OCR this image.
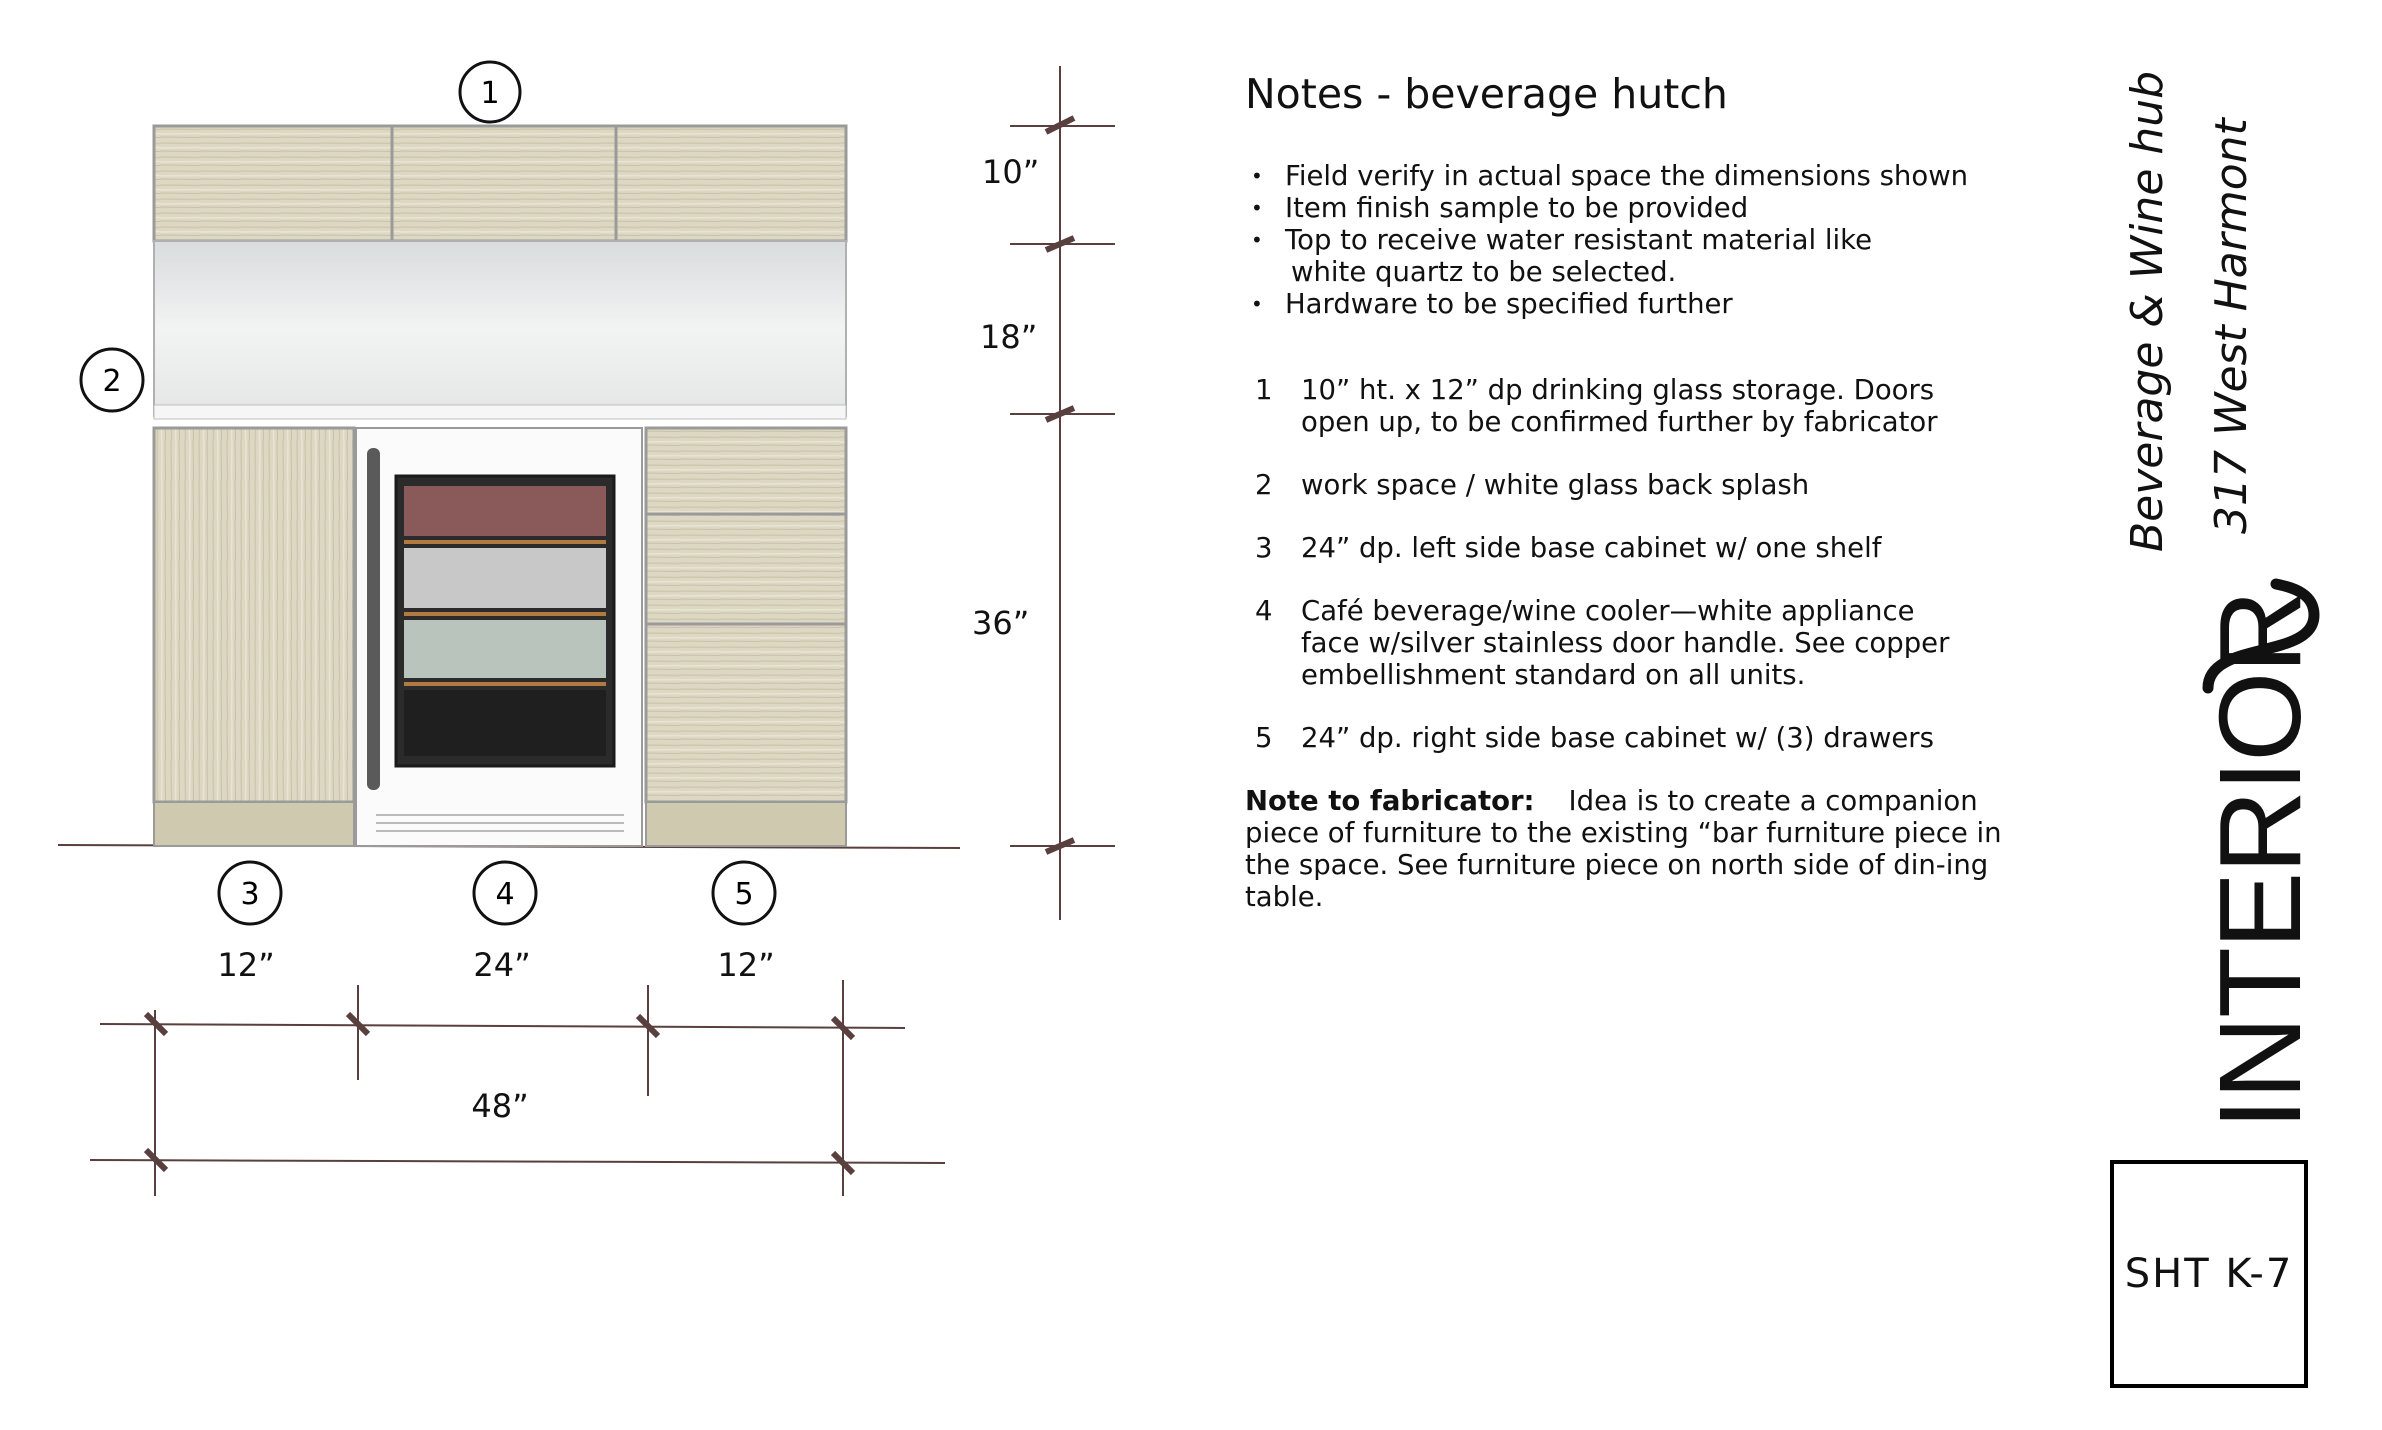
1
2
3	4	5
10”
18”
36”
12”	24”	12”
48”
Notes - beverage hutch
• Field verify in actual space the dimensions shown
• Item finish sample to be provided
• Top to receive water resistant material like
white quartz to be selected.
• Hardware to be specified further
1	10” ht. x 12” dp drinking glass storage. Doors
open up, to be confirmed further by fabricator
2	work space / white glass back splash
3	24” dp. left side base cabinet w/ one shelf
4	Café beverage/wine cooler—white appliance
face w/silver stainless door handle. See copper
embellishment standard on all units.
5	24” dp. right side base cabinet w/ (3) drawers
Note to fabricator: Idea is to create a companion piece of furniture to the existing “bar furniture piece in the space. See furniture piece on north side of din-ing table.
Beverage & Wine hub 317 West Harmont
INTERIOR
SHT K-7
